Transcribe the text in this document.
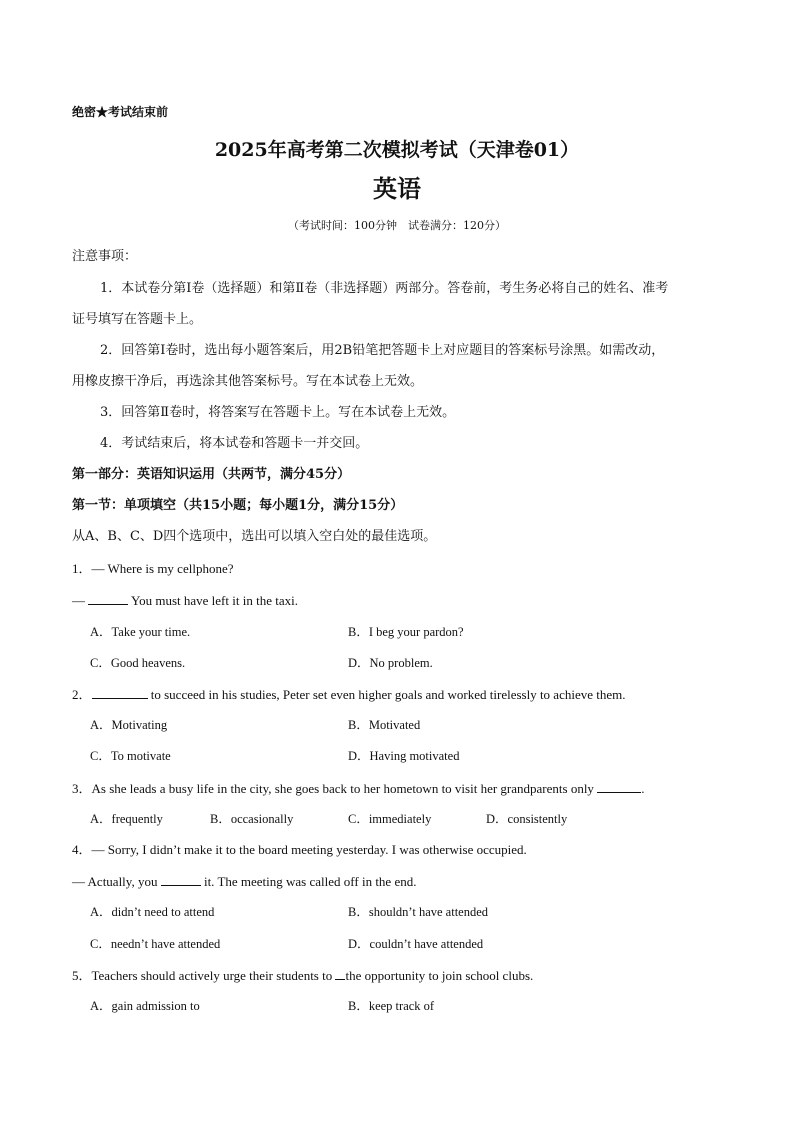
绝密★考试结束前
2025年高考第二次模拟考试（天津卷01）
英语
（考试时间：100分钟　试卷满分：120分）
注意事项：
1．本试卷分第Ⅰ卷（选择题）和第Ⅱ卷（非选择题）两部分。答卷前，考生务必将自己的姓名、准考
证号填写在答题卡上。
2．回答第Ⅰ卷时，选出每小题答案后，用2B铅笔把答题卡上对应题目的答案标号涂黑。如需改动，
用橡皮擦干净后，再选涂其他答案标号。写在本试卷上无效。
3．回答第Ⅱ卷时，将答案写在答题卡上。写在本试卷上无效。
4．考试结束后，将本试卷和答题卡一并交回。
第一部分：英语知识运用（共两节，满分45分）
第一节：单项填空（共15小题；每小题1分，满分15分）
从A、B、C、D四个选项中，选出可以填入空白处的最佳选项。
1．— Where is my cellphone?
—	You must have left it in the taxi.
A．Take your time.	B．I beg your pardon?
C．Good heavens.	D．No problem.
2．	to succeed in his studies, Peter set even higher goals and worked tirelessly to achieve them.
A．Motivating	B．Motivated
C．To motivate	D．Having motivated
3．As she leads a busy life in the city, she goes back to her hometown to visit her grandparents only	.
A．frequently	B．occasionally	C．immediately	D．consistently
4．— Sorry, I didn’t make it to the board meeting yesterday. I was otherwise occupied.
— Actually, you	it. The meeting was called off in the end.
A．didn’t need to attend	B．shouldn’t have attended
C．needn’t have attended	D．couldn’t have attended
5．Teachers should actively urge their students to the opportunity to join school clubs.
A．gain admission to	B．keep track of
